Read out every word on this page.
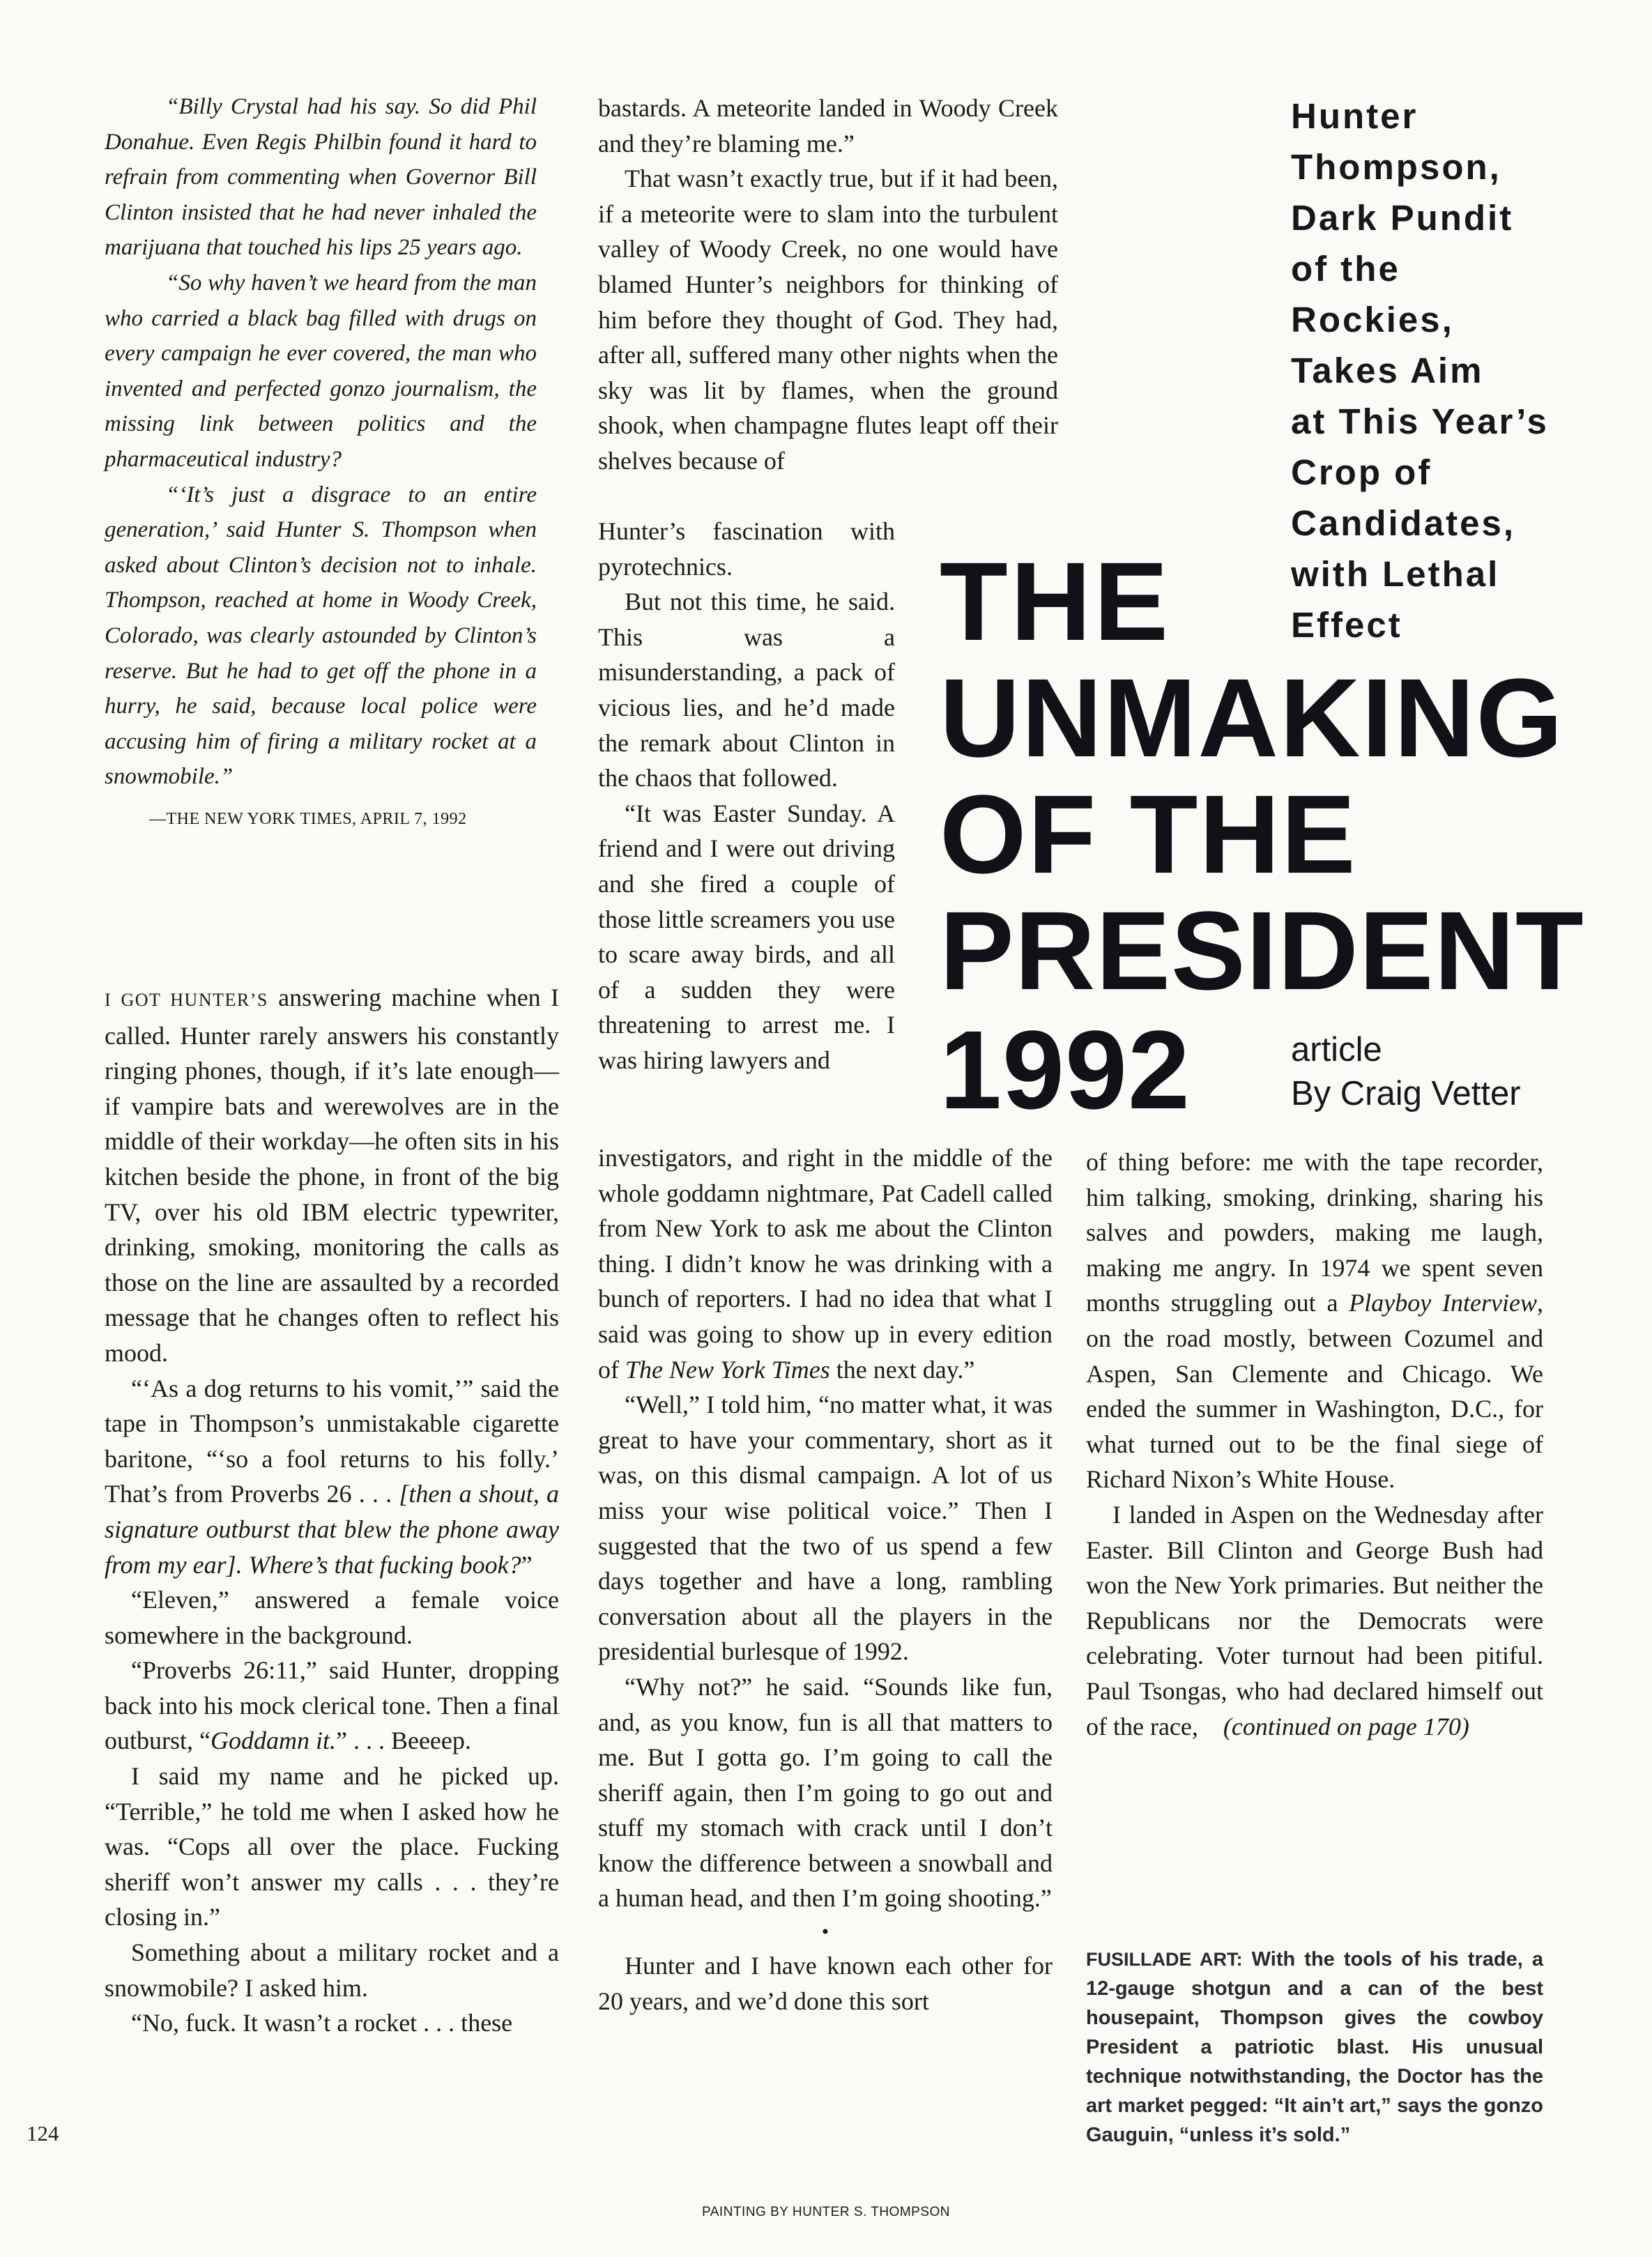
“Billy Crystal had his say. So did Phil Donahue. Even Regis Philbin found it hard to refrain from commenting when Governor Bill Clinton insisted that he had never inhaled the marijuana that touched his lips 25 years ago.

“So why haven’t we heard from the man who carried a black bag filled with drugs on every campaign he ever covered, the man who invented and perfected gonzo journalism, the missing link between politics and the pharmaceutical industry?

“‘It’s just a disgrace to an entire generation,’ said Hunter S. Thompson when asked about Clinton’s decision not to inhale. Thompson, reached at home in Woody Creek, Colorado, was clearly astounded by Clinton’s reserve. But he had to get off the phone in a hurry, he said, because local police were accusing him of firing a military rocket at a snowmobile.”

—THE NEW YORK TIMES, APRIL 7, 1992

I GOT HUNTER’S answering machine when I called. Hunter rarely answers his constantly ringing phones, though, if it’s late enough—if vampire bats and werewolves are in the middle of their workday—he often sits in his kitchen beside the phone, in front of the big TV, over his old IBM electric typewriter, drinking, smoking, monitoring the calls as those on the line are assaulted by a recorded message that he changes often to reflect his mood.

“‘As a dog returns to his vomit,’” said the tape in Thompson’s unmistakable cigarette baritone, “‘so a fool returns to his folly.’ That’s from Proverbs 26 . . . [then a shout, a signature outburst that blew the phone away from my ear]. Where’s that fucking book?”

“Eleven,” answered a female voice somewhere in the background.

“Proverbs 26:11,” said Hunter, dropping back into his mock clerical tone. Then a final outburst, “Goddamn it.” . . . Beeeep.

I said my name and he picked up. “Terrible,” he told me when I asked how he was. “Cops all over the place. Fucking sheriff won’t answer my calls . . . they’re closing in.”

Something about a military rocket and a snowmobile? I asked him.

“No, fuck. It wasn’t a rocket . . . these

bastards. A meteorite landed in Woody Creek and they’re blaming me.”

That wasn’t exactly true, but if it had been, if a meteorite were to slam into the turbulent valley of Woody Creek, no one would have blamed Hunter’s neighbors for thinking of him before they thought of God. They had, after all, suffered many other nights when the sky was lit by flames, when the ground shook, when champagne flutes leapt off their shelves because of

Hunter’s fascination with pyrotechnics.

But not this time, he said. This was a misunderstanding, a pack of vicious lies, and he’d made the remark about Clinton in the chaos that followed.

“It was Easter Sunday. A friend and I were out driving and she fired a couple of those little screamers you use to scare away birds, and all of a sudden they were threatening to arrest me. I was hiring lawyers and

investigators, and right in the middle of the whole goddamn nightmare, Pat Cadell called from New York to ask me about the Clinton thing. I didn’t know he was drinking with a bunch of reporters. I had no idea that what I said was going to show up in every edition of The New York Times the next day.”

“Well,” I told him, “no matter what, it was great to have your commentary, short as it was, on this dismal campaign. A lot of us miss your wise political voice.” Then I suggested that the two of us spend a few days together and have a long, rambling conversation about all the players in the presidential burlesque of 1992.

“Why not?” he said. “Sounds like fun, and, as you know, fun is all that matters to me. But I gotta go. I’m going to call the sheriff again, then I’m going to go out and stuff my stomach with crack until I don’t know the difference between a snowball and a human head, and then I’m going shooting.”

•

Hunter and I have known each other for 20 years, and we’d done this sort

of thing before: me with the tape recorder, him talking, smoking, drinking, sharing his salves and powders, making me laugh, making me angry. In 1974 we spent seven months struggling out a Playboy Interview, on the road mostly, between Cozumel and Aspen, San Clemente and Chicago. We ended the summer in Washington, D.C., for what turned out to be the final siege of Richard Nixon’s White House.

I landed in Aspen on the Wednesday after Easter. Bill Clinton and George Bush had won the New York primaries. But neither the Republicans nor the Democrats were celebrating. Voter turnout had been pitiful. Paul Tsongas, who had declared himself out of the race, (continued on page 170)

Hunter
Thompson,
Dark Pundit
of the
Rockies,
Takes Aim
at This Year’s
Crop of
Candidates,
with Lethal
Effect
THE
UNMAKING
OF THE
PRESIDENT
1992	article
By Craig Vetter
FUSILLADE ART: With the tools of his trade, a 12-gauge shotgun and a can of the best housepaint, Thompson gives the cowboy President a patriotic blast. His unusual technique notwithstanding, the Doctor has the art market pegged: “It ain’t art,” says the gonzo Gauguin, “unless it’s sold.”
124
PAINTING BY HUNTER S. THOMPSON
